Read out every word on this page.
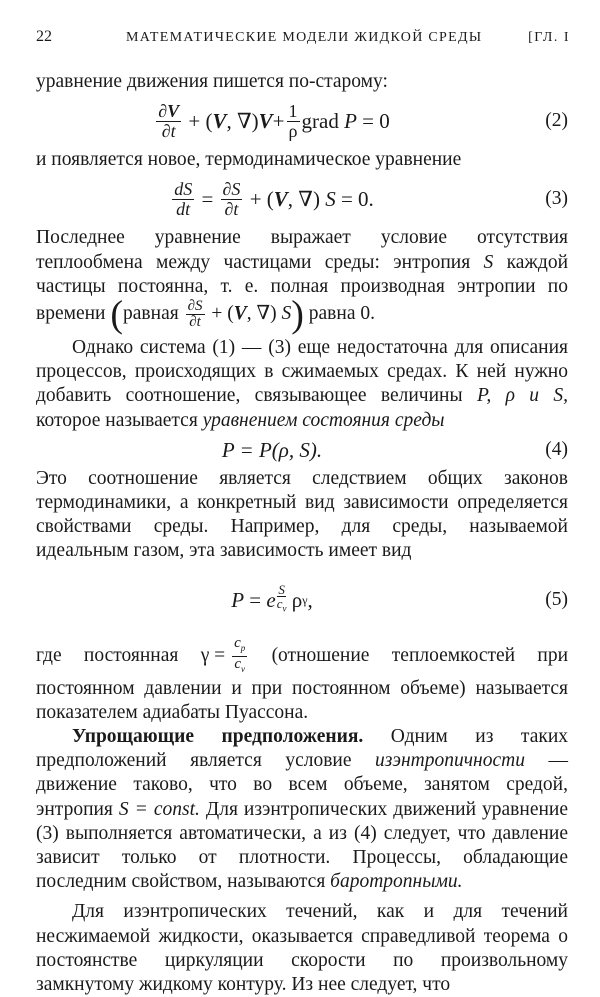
22	МАТЕМАТИЧЕСКИЕ МОДЕЛИ ЖИДКОЙ СРЕДЫ	[ГЛ. I

уравнение движения пишется по-старому:

$\frac{\partial V}{\partial t}$ + ( V , ∇) $V + \frac{1}{\rho}$ grad P = 0	(2)

и появляется новое, термодинамическое уравнение

$\frac{dS}{dt} = \frac{\partial S}{\partial t}$ + ( V , ∇) S = 0.	(3)

Последнее уравнение выражает условие отсутствия теплообмена между частицами среды: энтропия S каждой частицы постоянна, т. е. полная производная энтропии по времени (равная $\frac{\partial S}{\partial t} + (V$, ∇) S) равна 0.

Однако система (1) — (3) еще недостаточна для описания процессов, происходящих в сжимаемых средах. К ней нужно добавить соотношение, связывающее величины P, ρ и S, которое называется уравнением состояния среды

P = P(ρ, S).	(4)

Это соотношение является следствием общих законов термодинамики, а конкретный вид зависимости определяется свойствами среды. Например, для среды, называемой идеальным газом, эта зависимость имеет вид

P = e S
$c_v$ ρ γ ,	(5)

где постоянная $\gamma = \frac{c_p}{c_v}$ (отношение теплоемкостей при постоянном давлении и при постоянном объеме) называется показателем адиабаты Пуассона.

Упрощающие предположения. Одним из таких предположений является условие изэнтропичности — движение таково, что во всем объеме, занятом средой, энтропия S = const. Для изэнтропических движений уравнение (3) выполняется автоматически, а из (4) следует, что давление зависит только от плотности. Процессы, обладающие последним свойством, называются баротропными.

Для изэнтропических течений, как и для течений несжимаемой жидкости, оказывается справедливой теорема о постоянстве циркуляции скорости по произвольному замкнутому жидкому контуру. Из нее следует, что
